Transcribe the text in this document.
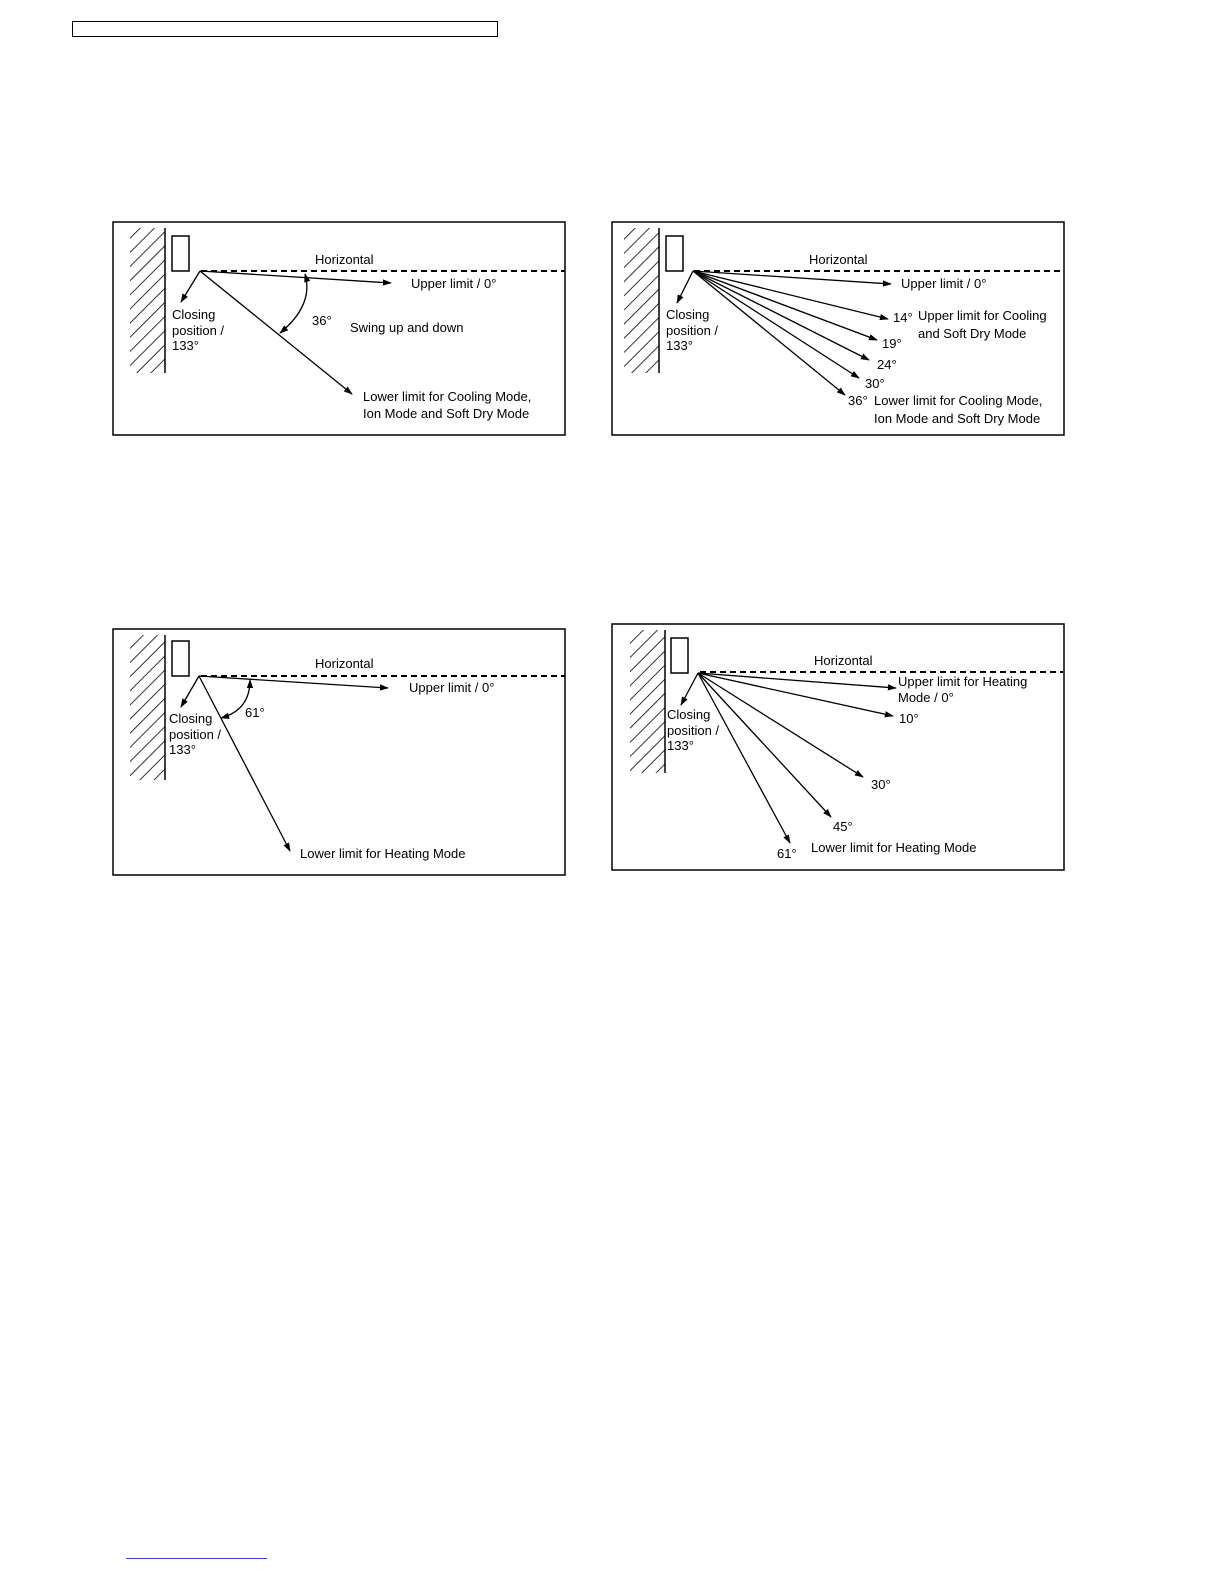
Horizontal
Upper limit / 0°
Closing
position /
133°
36° Swing up and down
Lower limit for Cooling Mode,
Ion Mode and Soft Dry Mode
Horizontal
Upper limit / 0°
Closing
position /
133°
14°
19°
24°
30°
36°
Upper limit for Cooling
and Soft Dry Mode
Lower limit for Cooling Mode,
Ion Mode and Soft Dry Mode
Horizontal
Upper limit / 0°
Closing
position /
133°
61°
Lower limit for Heating Mode
Horizontal
Upper limit for Heating
Mode / 0°
Closing
position /
133°
10°
30°
45°
61° Lower limit for Heating Mode
